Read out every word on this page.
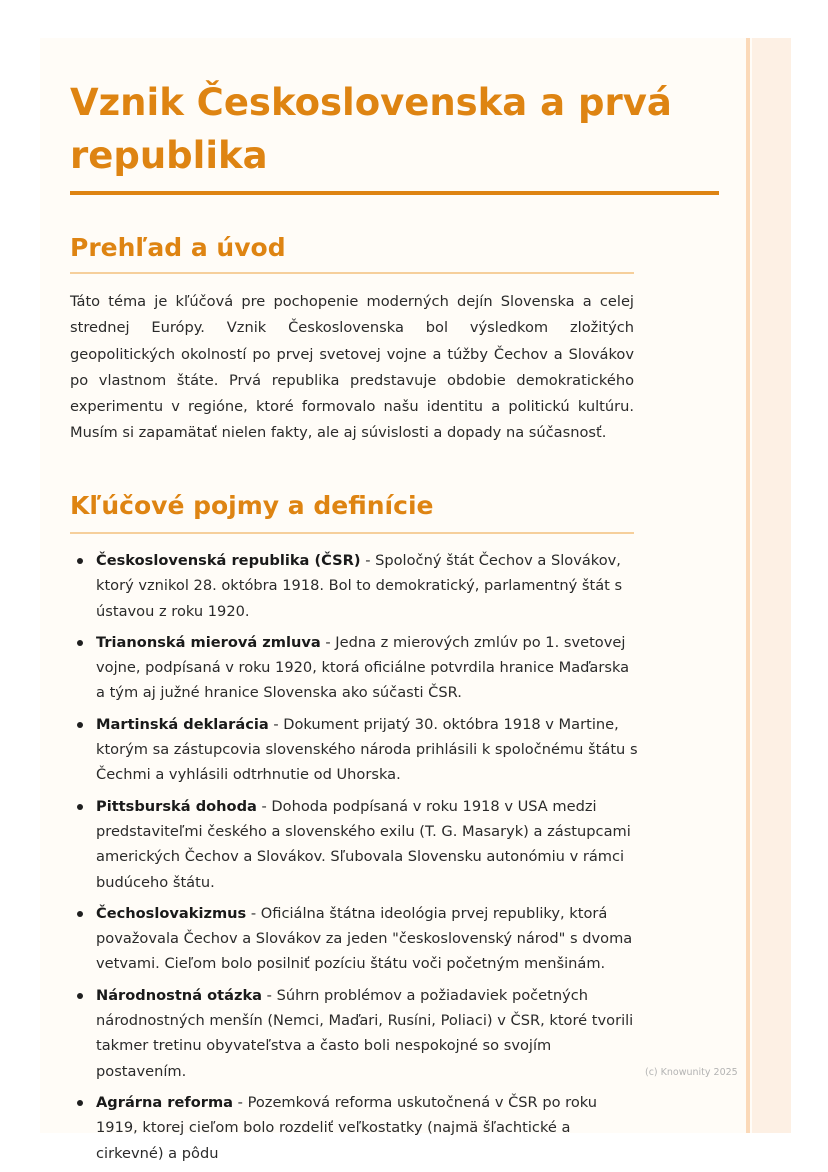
Vznik Československa a prvá republika
Prehľad a úvod

Táto téma je kľúčová pre pochopenie moderných dejín Slovenska a celej strednej Európy. Vznik Československa bol výsledkom zložitých geopolitických okolností po prvej svetovej vojne a túžby Čechov a Slovákov po vlastnom štáte. Prvá republika predstavuje obdobie demokratického experimentu v regióne, ktoré formovalo našu identitu a politickú kultúru. Musím si zapamätať nielen fakty, ale aj súvislosti a dopady na súčasnosť.

Kľúčové pojmy a definície
Československá republika (ČSR) - Spoločný štát Čechov a Slovákov, ktorý vznikol 28. októbra 1918. Bol to demokratický, parlamentný štát s ústavou z roku 1920.
Trianonská mierová zmluva - Jedna z mierových zmlúv po 1. svetovej vojne, podpísaná v roku 1920, ktorá oficiálne potvrdila hranice Maďarska a tým aj južné hranice Slovenska ako súčasti ČSR.
Martinská deklarácia - Dokument prijatý 30. októbra 1918 v Martine, ktorým sa zástupcovia slovenského národa prihlásili k spoločnému štátu s Čechmi a vyhlásili odtrhnutie od Uhorska.
Pittsburská dohoda - Dohoda podpísaná v roku 1918 v USA medzi predstaviteľmi českého a slovenského exilu (T. G. Masaryk) a zástupcami amerických Čechov a Slovákov. Sľubovala Slovensku autonómiu v rámci budúceho štátu.
Čechoslovakizmus - Oficiálna štátna ideológia prvej republiky, ktorá považovala Čechov a Slovákov za jeden "československý národ" s dvoma vetvami. Cieľom bolo posilniť pozíciu štátu voči početným menšinám.
Národnostná otázka - Súhrn problémov a požiadaviek početných národnostných menšín (Nemci, Maďari, Rusíni, Poliaci) v ČSR, ktoré tvorili takmer tretinu obyvateľstva a často boli nespokojné so svojím postavením.
Agrárna reforma - Pozemková reforma uskutočnená v ČSR po roku 1919, ktorej cieľom bolo rozdeliť veľkostatky (najmä šľachtické a cirkevné) a pôdu
(c) Knowunity 2025
